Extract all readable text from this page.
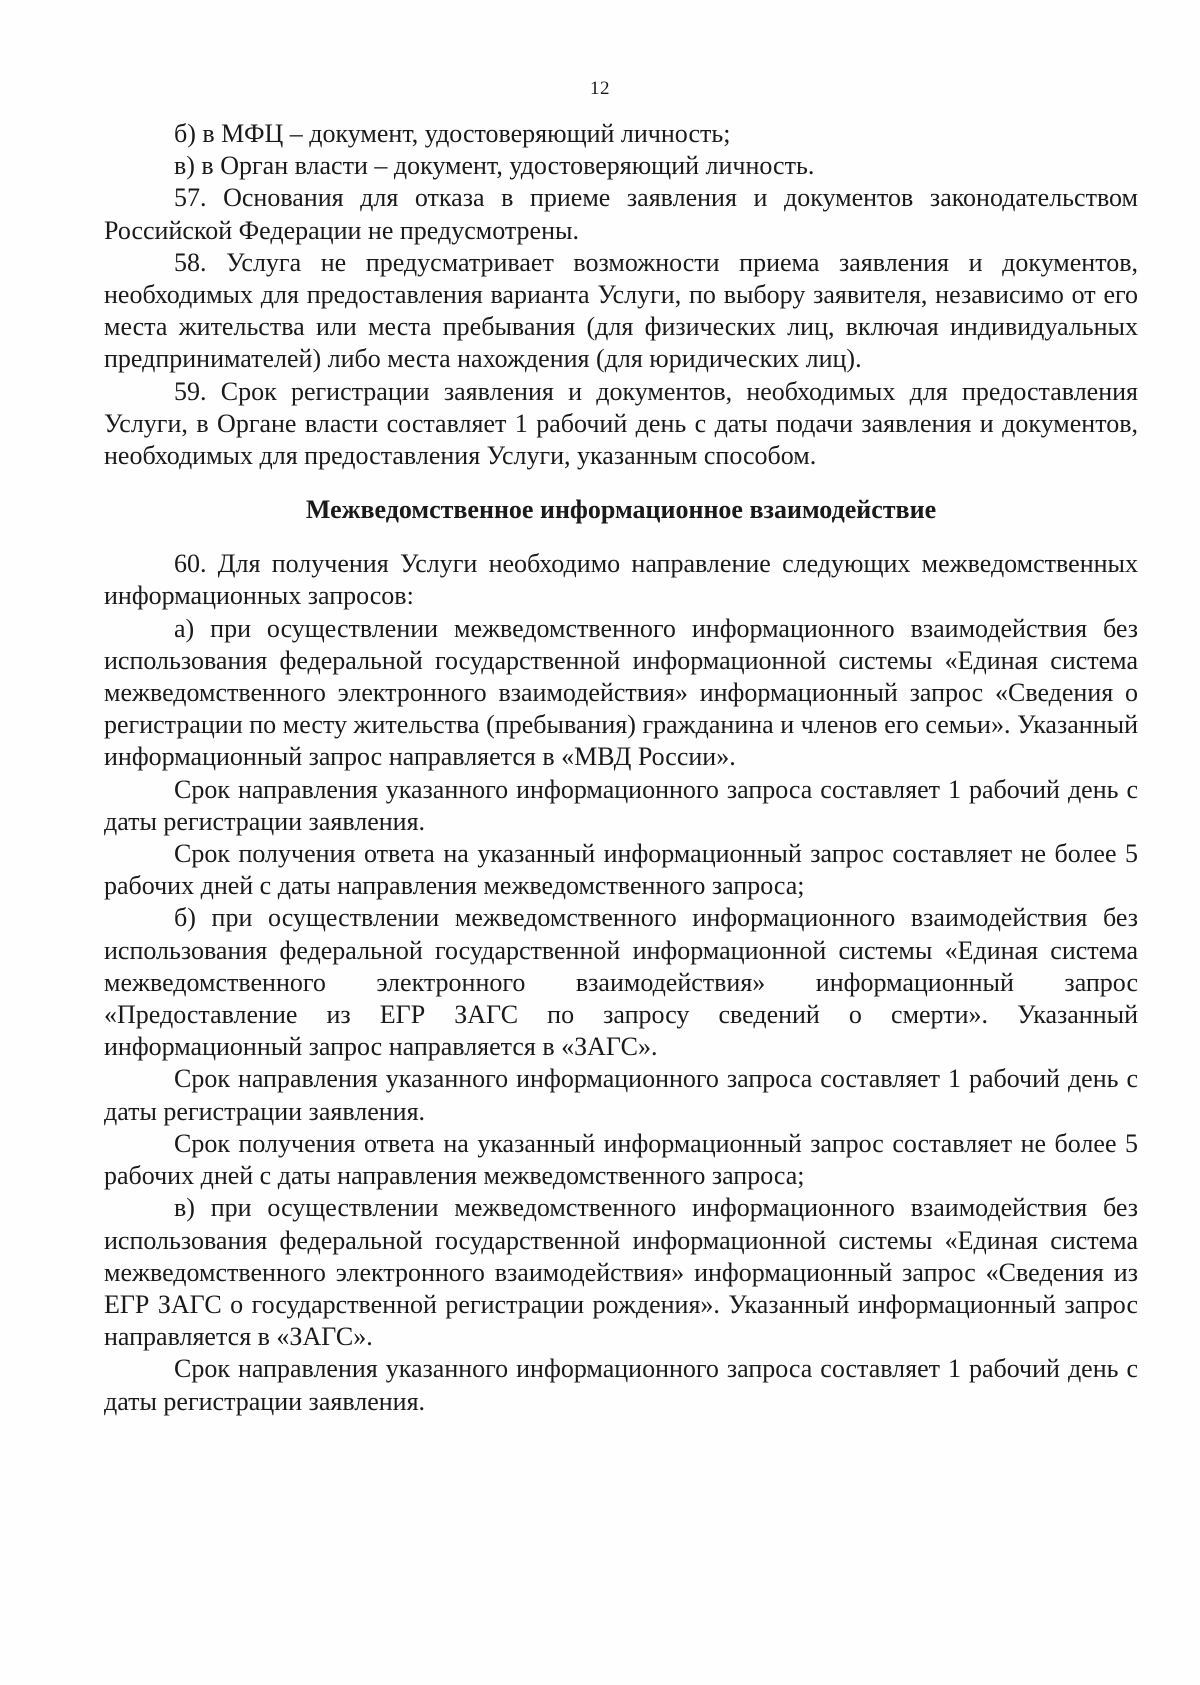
12

б) в МФЦ – документ, удостоверяющий личность;

в) в Орган власти – документ, удостоверяющий личность.

57. Основания для отказа в приеме заявления и документов законодательством Российской Федерации не предусмотрены.

58. Услуга не предусматривает возможности приема заявления и документов, необходимых для предоставления варианта Услуги, по выбору заявителя, независимо от его места жительства или места пребывания (для физических лиц, включая индивидуальных предпринимателей) либо места нахождения (для юридических лиц).

59. Срок регистрации заявления и документов, необходимых для предоставления Услуги, в Органе власти составляет 1 рабочий день с даты подачи заявления и документов, необходимых для предоставления Услуги, указанным способом.

Межведомственное информационное взаимодействие

60. Для получения Услуги необходимо направление следующих межведомственных информационных запросов:

а) при осуществлении межведомственного информационного взаимодействия без использования федеральной государственной информационной системы «Единая система межведомственного электронного взаимодействия» информационный запрос «Сведения о регистрации по месту жительства (пребывания) гражданина и членов его семьи». Указанный информационный запрос направляется в «МВД России».

Срок направления указанного информационного запроса составляет 1 рабочий день с даты регистрации заявления.

Срок получения ответа на указанный информационный запрос составляет не более 5 рабочих дней с даты направления межведомственного запроса;

б) при осуществлении межведомственного информационного взаимодействия без использования федеральной государственной информационной системы «Единая система межведомственного электронного взаимодействия» информационный запрос «Предоставление из ЕГР ЗАГС по запросу сведений о смерти». Указанный информационный запрос направляется в «ЗАГС».

Срок направления указанного информационного запроса составляет 1 рабочий день с даты регистрации заявления.

Срок получения ответа на указанный информационный запрос составляет не более 5 рабочих дней с даты направления межведомственного запроса;

в) при осуществлении межведомственного информационного взаимодействия без использования федеральной государственной информационной системы «Единая система межведомственного электронного взаимодействия» информационный запрос «Сведения из ЕГР ЗАГС о государственной регистрации рождения». Указанный информационный запрос направляется в «ЗАГС».

Срок направления указанного информационного запроса составляет 1 рабочий день с даты регистрации заявления.
